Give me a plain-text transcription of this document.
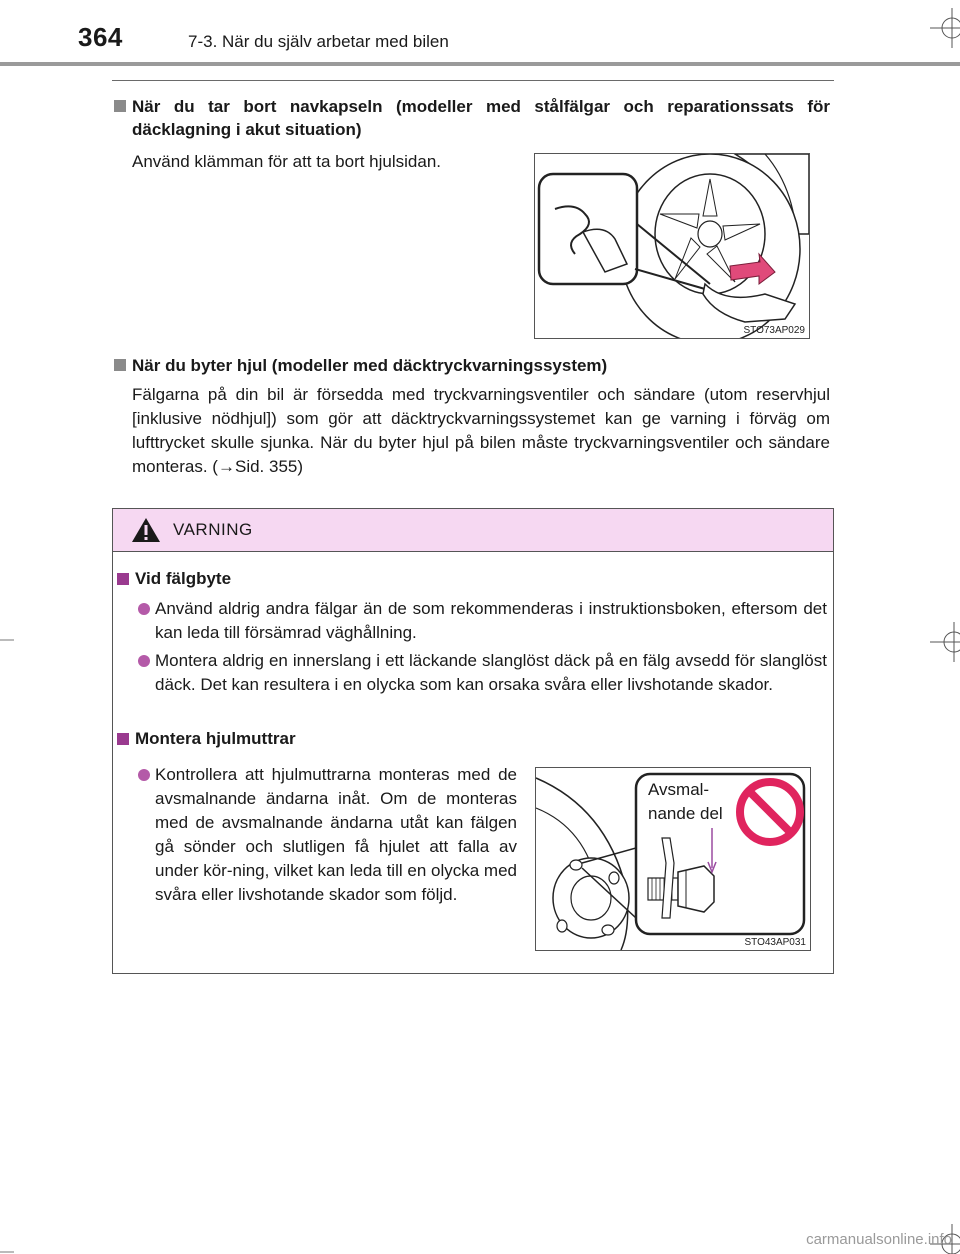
364	7-3. När du själv arbetar med bilen
När du tar bort navkapseln (modeller med stålfälgar och reparationssats för däcklagning i akut situation)
Använd klämman för att ta bort hjulsidan.
STO73AP029
När du byter hjul (modeller med däcktryckvarningssystem)
Fälgarna på din bil är försedda med tryckvarningsventiler och sändare (utom reservhjul [inklusive nödhjul]) som gör att däcktryckvarningssystemet kan ge varning i förväg om lufttrycket skulle sjunka. När du byter hjul på bilen måste tryckvarningsventiler och sändare monteras. (→Sid. 355)
VARNING
Vid fälgbyte
Använd aldrig andra fälgar än de som rekommenderas i instruktionsboken, eftersom det kan leda till försämrad väghållning.
Montera aldrig en innerslang i ett läckande slanglöst däck på en fälg avsedd för slanglöst däck. Det kan resultera i en olycka som kan orsaka svåra eller livshotande skador.
Montera hjulmuttrar
Kontrollera att hjulmuttrarna monteras med de avsmalnande ändarna inåt. Om de monteras med de avsmalnande ändarna utåt kan fälgen gå sönder och slutligen få hjulet att falla av under kör-ning, vilket kan leda till en olycka med svåra eller livshotande skador som följd.
Avsmal-
nande del
STO43AP031
carmanualsonline.info
